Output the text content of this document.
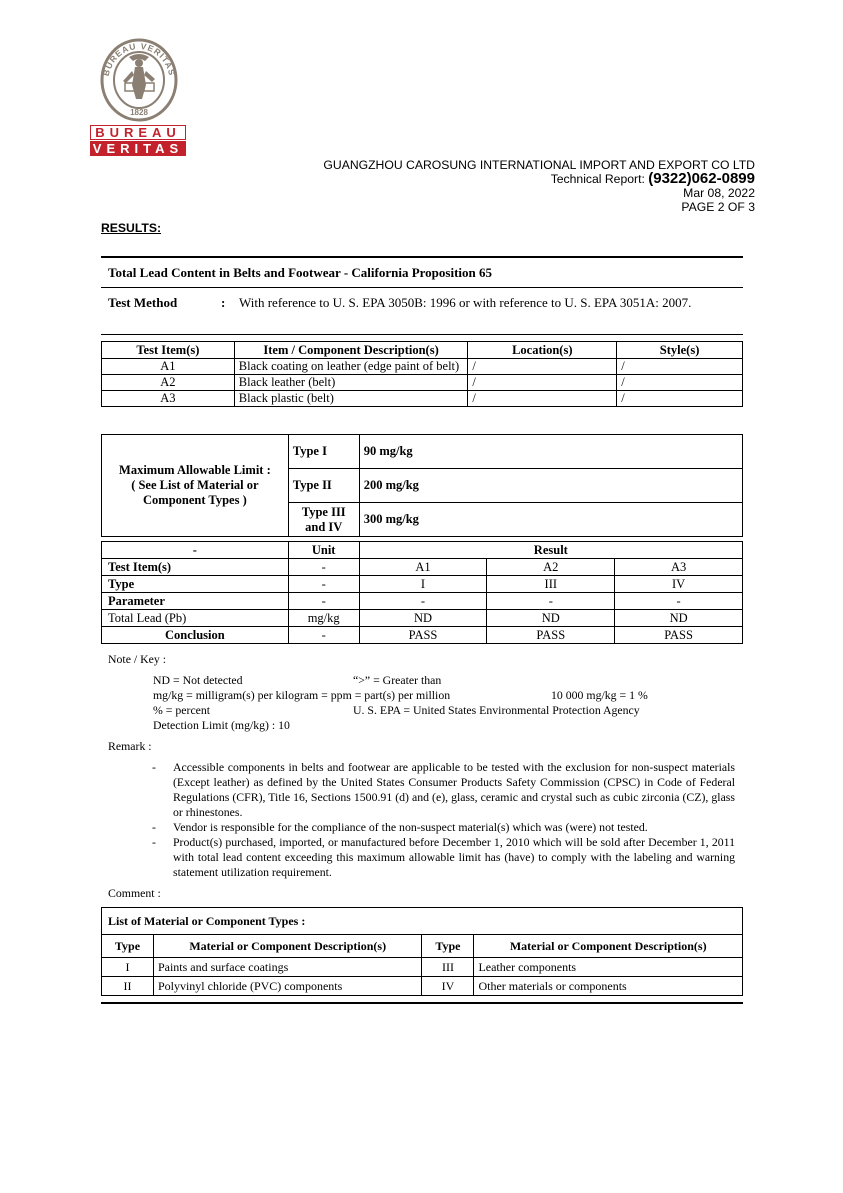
BUREAU VERITAS
1828
BUREAU
VERITAS
GUANGZHOU CAROSUNG INTERNATIONAL IMPORT AND EXPORT CO LTD
Technical Report: (9322)062-0899
Mar 08, 2022
PAGE 2 OF 3
RESULTS:
Total Lead Content in Belts and Footwear - California Proposition 65
Test Method	: With reference to U. S. EPA 3050B: 1996 or with reference to U. S. EPA 3051A: 2007.
Test Item(s)	Item / Component Description(s)	Location(s)	Style(s)
A1	Black coating on leather (edge paint of belt)	/	/
A2	Black leather (belt)	/	/
A3	Black plastic (belt)	/	/
Maximum Allowable Limit :
( See List of Material or Component Types )	Type I	90 mg/kg
	Type II	200 mg/kg
	Type III and IV	300 mg/kg
-	Unit	Result		
Test Item(s)	-	A1	A2	A3
Type	-	I	III	IV
Parameter	-	-	-	-
Total Lead (Pb)	mg/kg	ND	ND	ND
Conclusion	-	PASS	PASS	PASS
Note / Key :
ND = Not detected	“>” = Greater than
mg/kg = milligram(s) per kilogram = ppm = part(s) per million	10 000 mg/kg = 1 %
% = percent	U. S. EPA = United States Environmental Protection Agency
Detection Limit (mg/kg) : 10
Remark :
- Accessible components in belts and footwear are applicable to be tested with the exclusion for non-suspect materials (Except leather) as defined by the United States Consumer Products Safety Commission (CPSC) in Code of Federal Regulations (CFR), Title 16, Sections 1500.91 (d) and (e), glass, ceramic and crystal such as cubic zirconia (CZ), glass or rhinestones.
- Vendor is responsible for the compliance of the non-suspect material(s) which was (were) not tested.
- Product(s) purchased, imported, or manufactured before December 1, 2010 which will be sold after December 1, 2011 with total lead content exceeding this maximum allowable limit has (have) to comply with the labeling and warning statement utilization requirement.
Comment :
List of Material or Component Types :			
Type	Material or Component Description(s)	Type	Material or Component Description(s)
I	Paints and surface coatings	III	Leather components
II	Polyvinyl chloride (PVC) components	IV	Other materials or components
